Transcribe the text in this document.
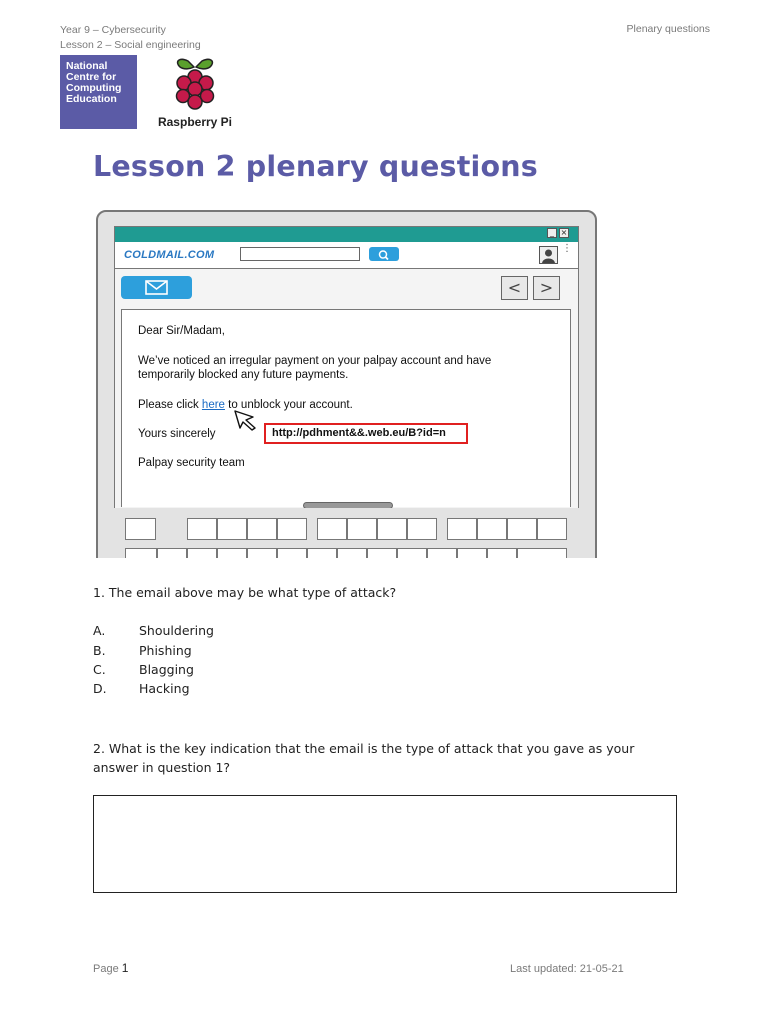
Year 9 – Cybersecurity
Lesson 2 – Social engineering
Plenary questions
National
Centre for
Computing
Education
Raspberry Pi
Lesson 2 plenary questions
_ ×
COLDMAIL.COM
⋮
<	>
Dear Sir/Madam,
We’ve noticed an irregular payment on your palpay account and have
temporarily blocked any future payments.
Please click here to unblock your account.
Yours sincerely
Palpay security team
http://pdhment&&.web.eu/B?id=n
1. The email above may be what type of attack?
A.	Shouldering
B.	Phishing
C.	Blagging
D.	Hacking
2. What is the key indication that the email is the type of attack that you gave as your answer in question 1?
Page 1	Last updated: 21-05-21
